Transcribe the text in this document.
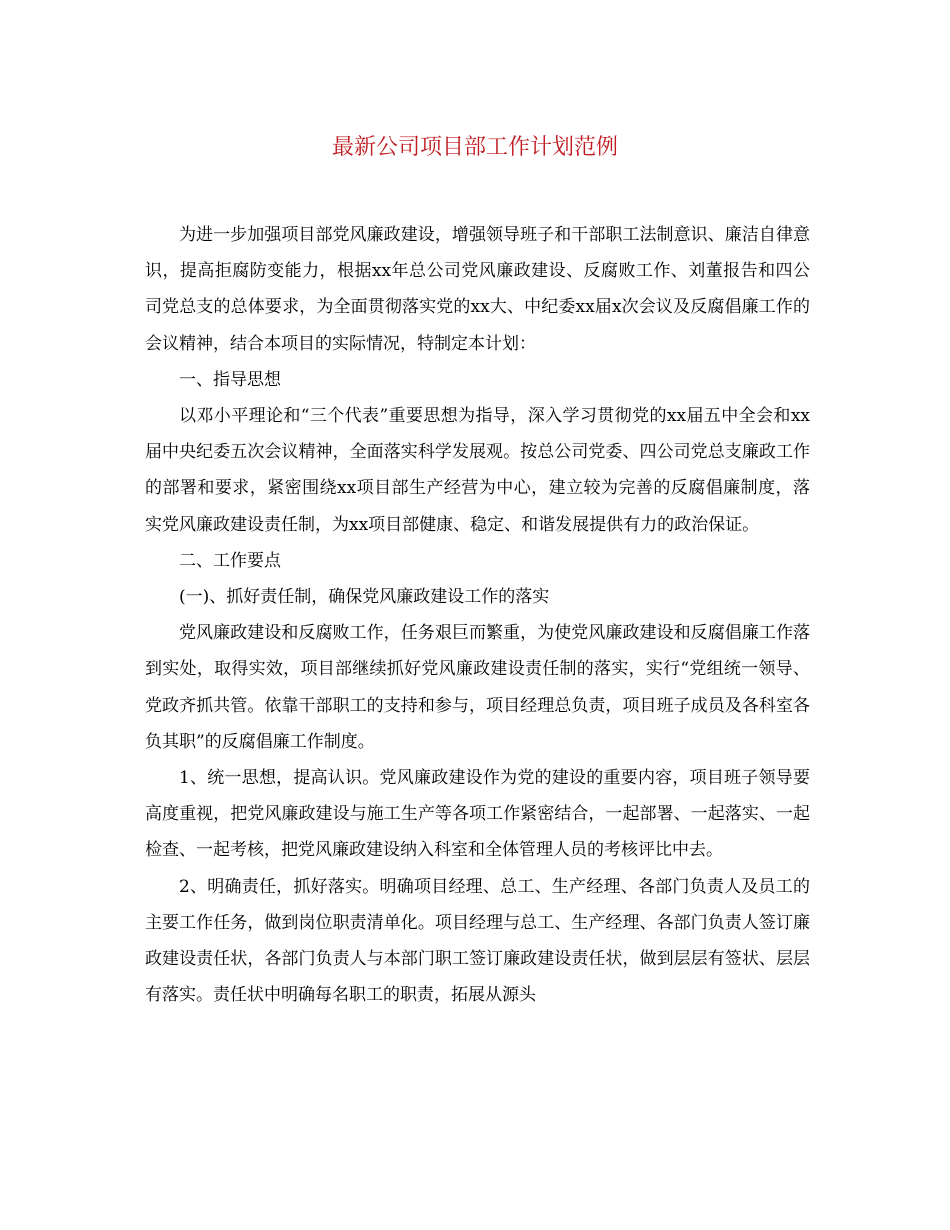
最新公司项目部工作计划范例

为进一步加强项目部党风廉政建设，增强领导班子和干部职工法制意识、廉洁自律意识，提高拒腐防变能力，根据xx年总公司党风廉政建设、反腐败工作、刘董报告和四公司党总支的总体要求，为全面贯彻落实党的xx大、中纪委xx届x次会议及反腐倡廉工作的会议精神，结合本项目的实际情况，特制定本计划：

一、指导思想

以邓小平理论和“三个代表”重要思想为指导，深入学习贯彻党的xx届五中全会和xx届中央纪委五次会议精神，全面落实科学发展观。按总公司党委、四公司党总支廉政工作的部署和要求，紧密围绕xx项目部生产经营为中心，建立较为完善的反腐倡廉制度，落实党风廉政建设责任制，为xx项目部健康、稳定、和谐发展提供有力的政治保证。

二、工作要点

(一)、抓好责任制，确保党风廉政建设工作的落实

党风廉政建设和反腐败工作，任务艰巨而繁重，为使党风廉政建设和反腐倡廉工作落到实处，取得实效，项目部继续抓好党风廉政建设责任制的落实，实行“党组统一领导、党政齐抓共管。依靠干部职工的支持和参与，项目经理总负责，项目班子成员及各科室各负其职”的反腐倡廉工作制度。

1、统一思想，提高认识。党风廉政建设作为党的建设的重要内容，项目班子领导要高度重视，把党风廉政建设与施工生产等各项工作紧密结合，一起部署、一起落实、一起检查、一起考核，把党风廉政建设纳入科室和全体管理人员的考核评比中去。

2、明确责任，抓好落实。明确项目经理、总工、生产经理、各部门负责人及员工的主要工作任务，做到岗位职责清单化。项目经理与总工、生产经理、各部门负责人签订廉政建设责任状，各部门负责人与本部门职工签订廉政建设责任状，做到层层有签状、层层有落实。责任状中明确每名职工的职责，拓展从源头
